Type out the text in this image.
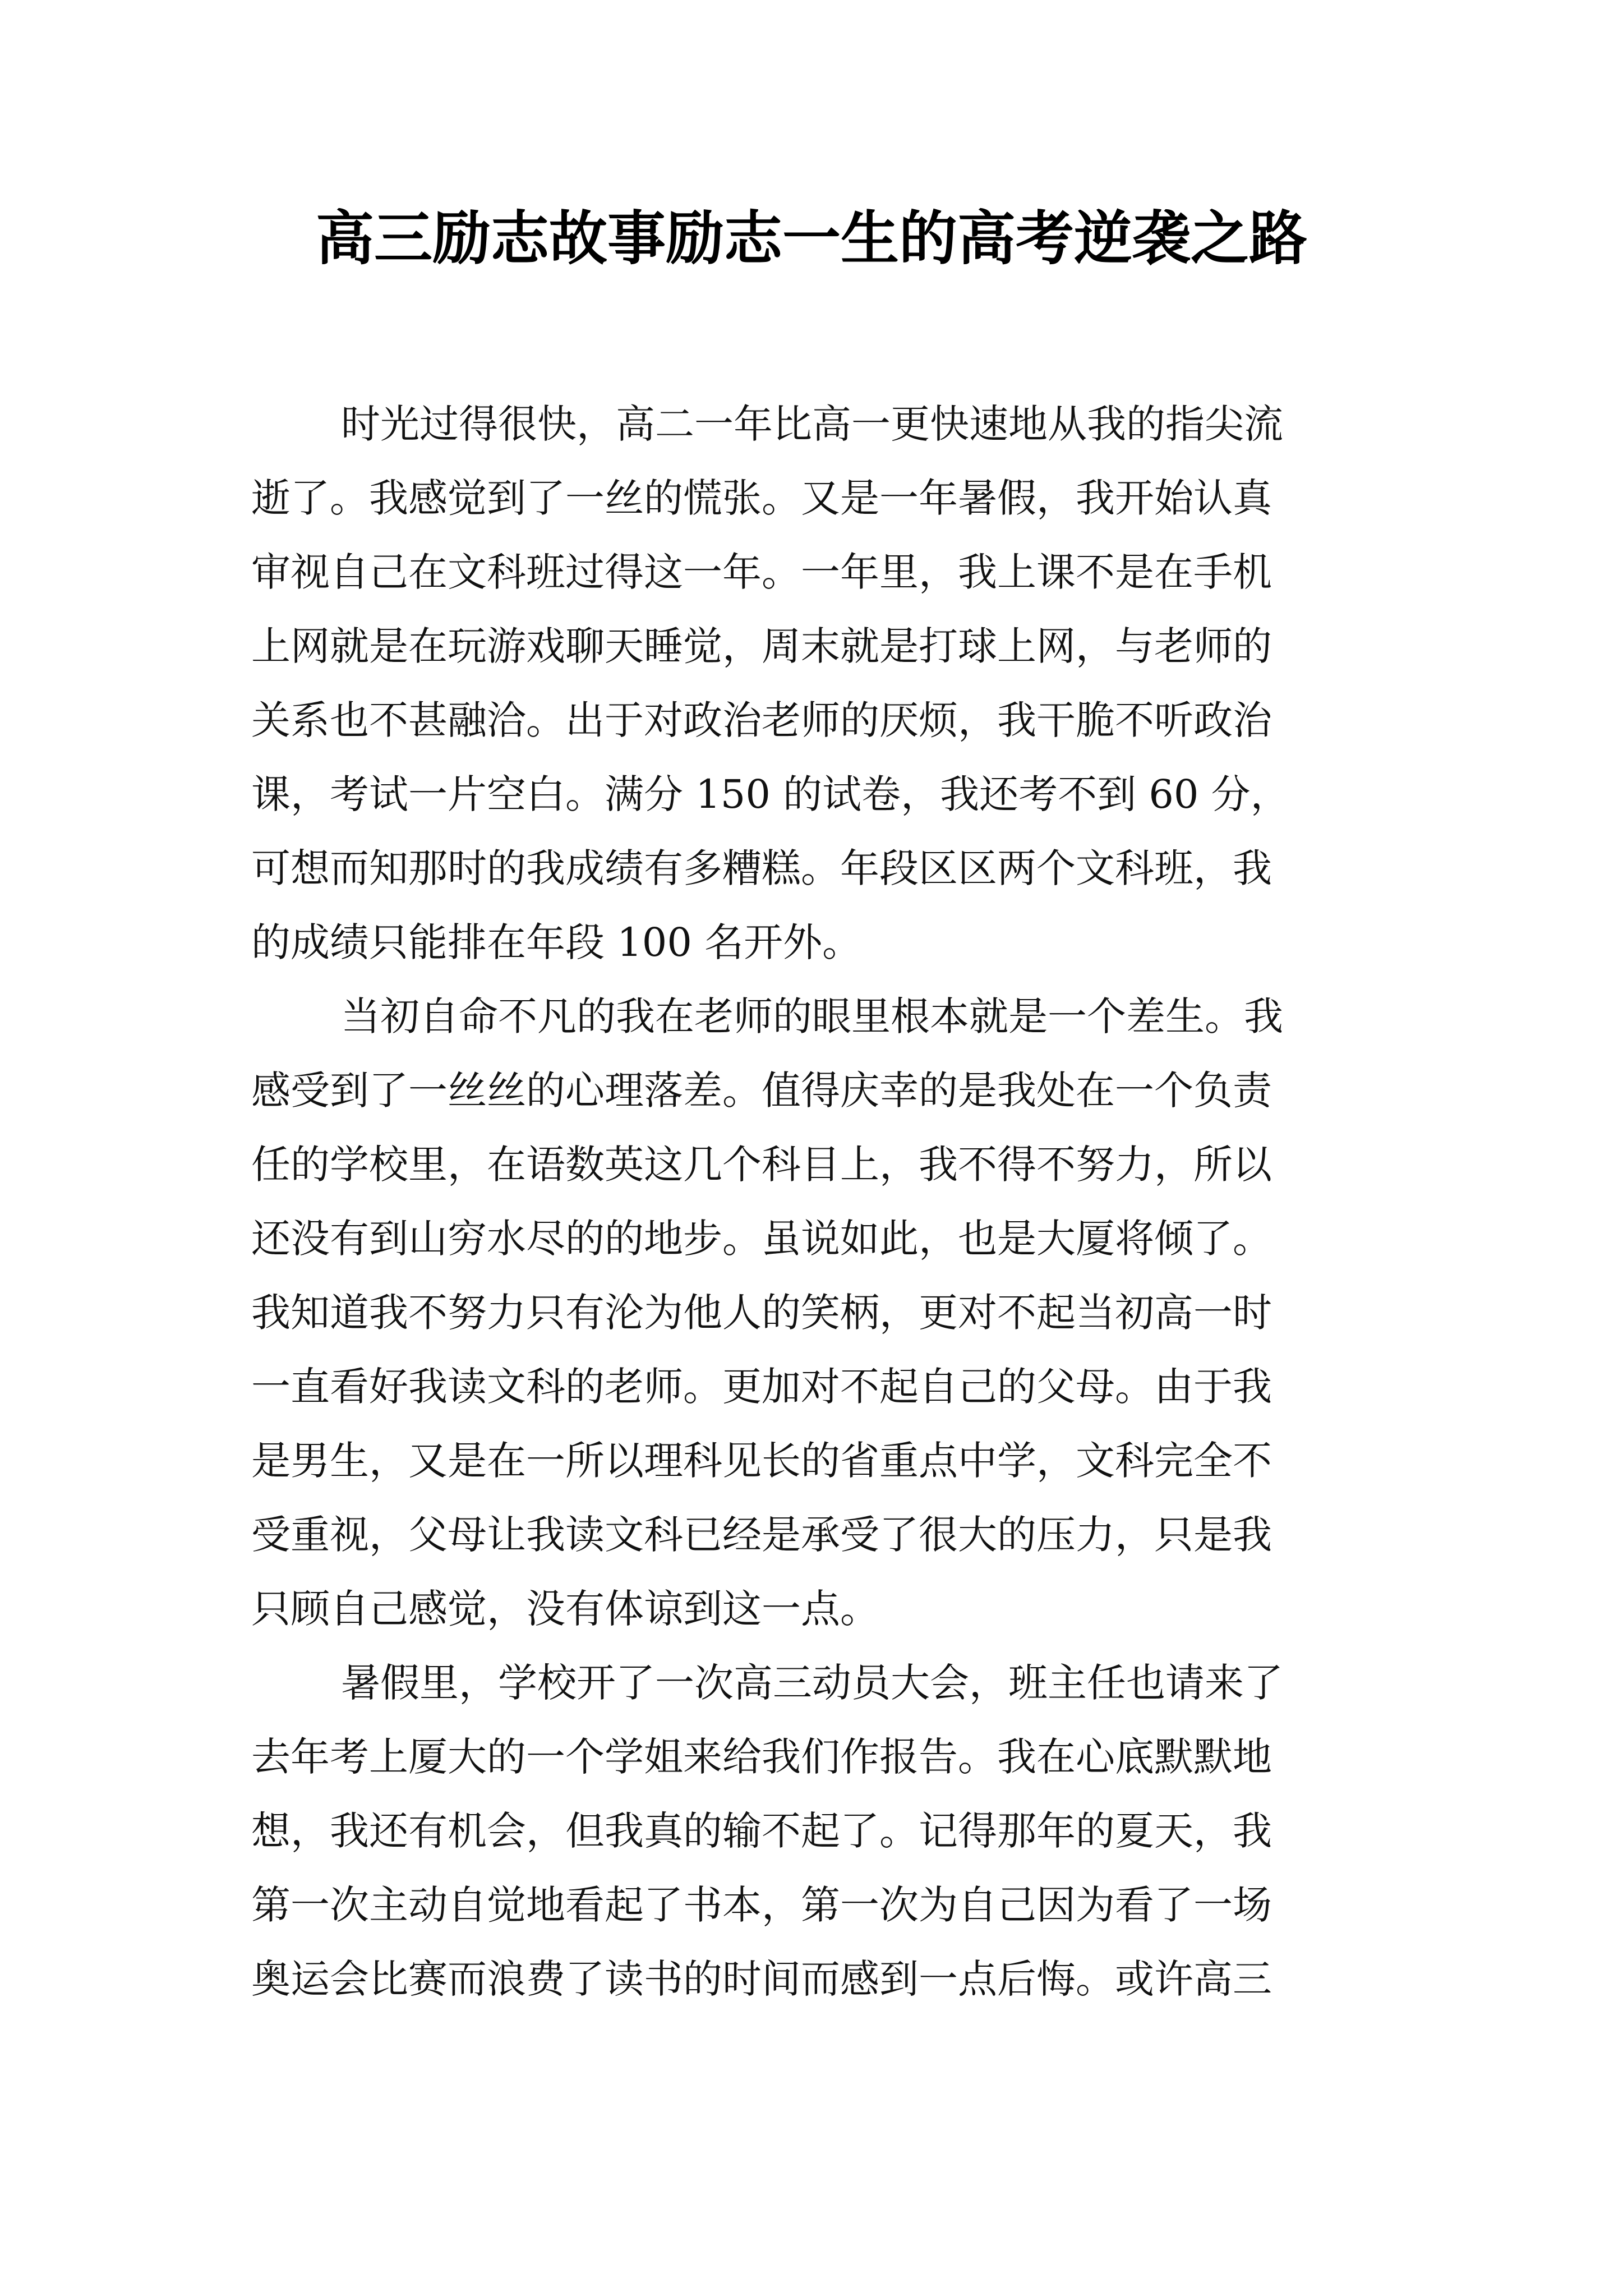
高三励志故事励志一生的高考逆袭之路
时光过得很快，高二一年比高一更快速地从我的指尖流
逝了。我感觉到了一丝的慌张。又是一年暑假，我开始认真
审视自己在文科班过得这一年。一年里，我上课不是在手机
上网就是在玩游戏聊天睡觉，周末就是打球上网，与老师的
关系也不甚融洽。出于对政治老师的厌烦，我干脆不听政治
课，考试一片空白。满分 150 的试卷，我还考不到 60 分，
可想而知那时的我成绩有多糟糕。年段区区两个文科班，我
的成绩只能排在年段 100 名开外。
当初自命不凡的我在老师的眼里根本就是一个差生。我
感受到了一丝丝的心理落差。值得庆幸的是我处在一个负责
任的学校里，在语数英这几个科目上，我不得不努力，所以
还没有到山穷水尽的的地步。虽说如此，也是大厦将倾了。
我知道我不努力只有沦为他人的笑柄，更对不起当初高一时
一直看好我读文科的老师。更加对不起自己的父母。由于我
是男生，又是在一所以理科见长的省重点中学，文科完全不
受重视，父母让我读文科已经是承受了很大的压力，只是我
只顾自己感觉，没有体谅到这一点。
暑假里，学校开了一次高三动员大会，班主任也请来了
去年考上厦大的一个学姐来给我们作报告。我在心底默默地
想，我还有机会，但我真的输不起了。记得那年的夏天，我
第一次主动自觉地看起了书本，第一次为自己因为看了一场
奥运会比赛而浪费了读书的时间而感到一点后悔。或许高三
